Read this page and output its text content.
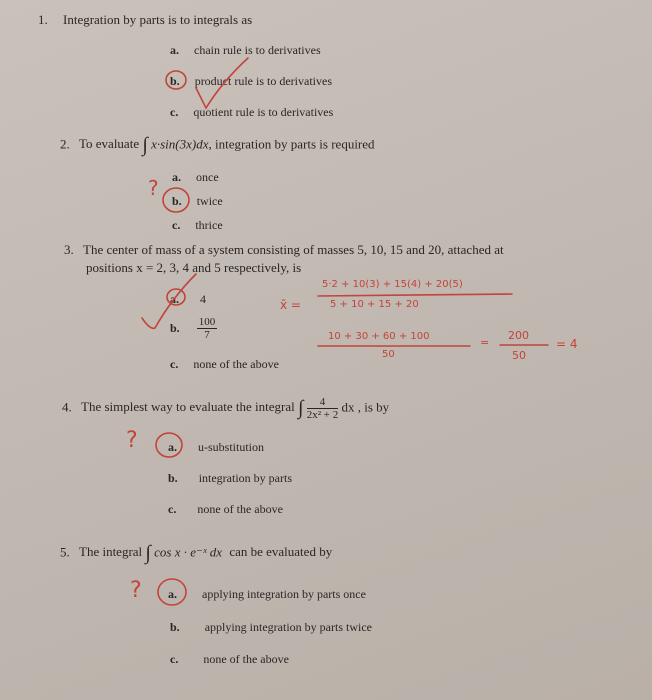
1. Integration by parts is to integrals as
a. chain rule is to derivatives
b. product rule is to derivatives
c. quotient rule is to derivatives
2. To evaluate ∫ x·sin(3x)dx, integration by parts is required
a. once
b. twice
c. thrice
3. The center of mass of a system consisting of masses 5, 10, 15 and 20, attached at
positions x = 2, 3, 4 and 5 respectively, is
a. 4
b. $\frac{100}{7}$
c. none of the above
4. The simplest way to evaluate the integral ∫ $\frac{4}{\text{2x² + 2}}$ dx , is by
a. u-substitution
b. integration by parts
c. none of the above
5. The integral ∫ cos x · e⁻ˣ dx can be evaluated by
a. applying integration by parts once
b. applying integration by parts twice
c. none of the above
?
?
?
5·2 + 10(3) + 15(4) + 20(5)
x̄ =	5 + 10 + 15 + 20
10 + 30 + 60 + 100
50
=
200
50
= 4
